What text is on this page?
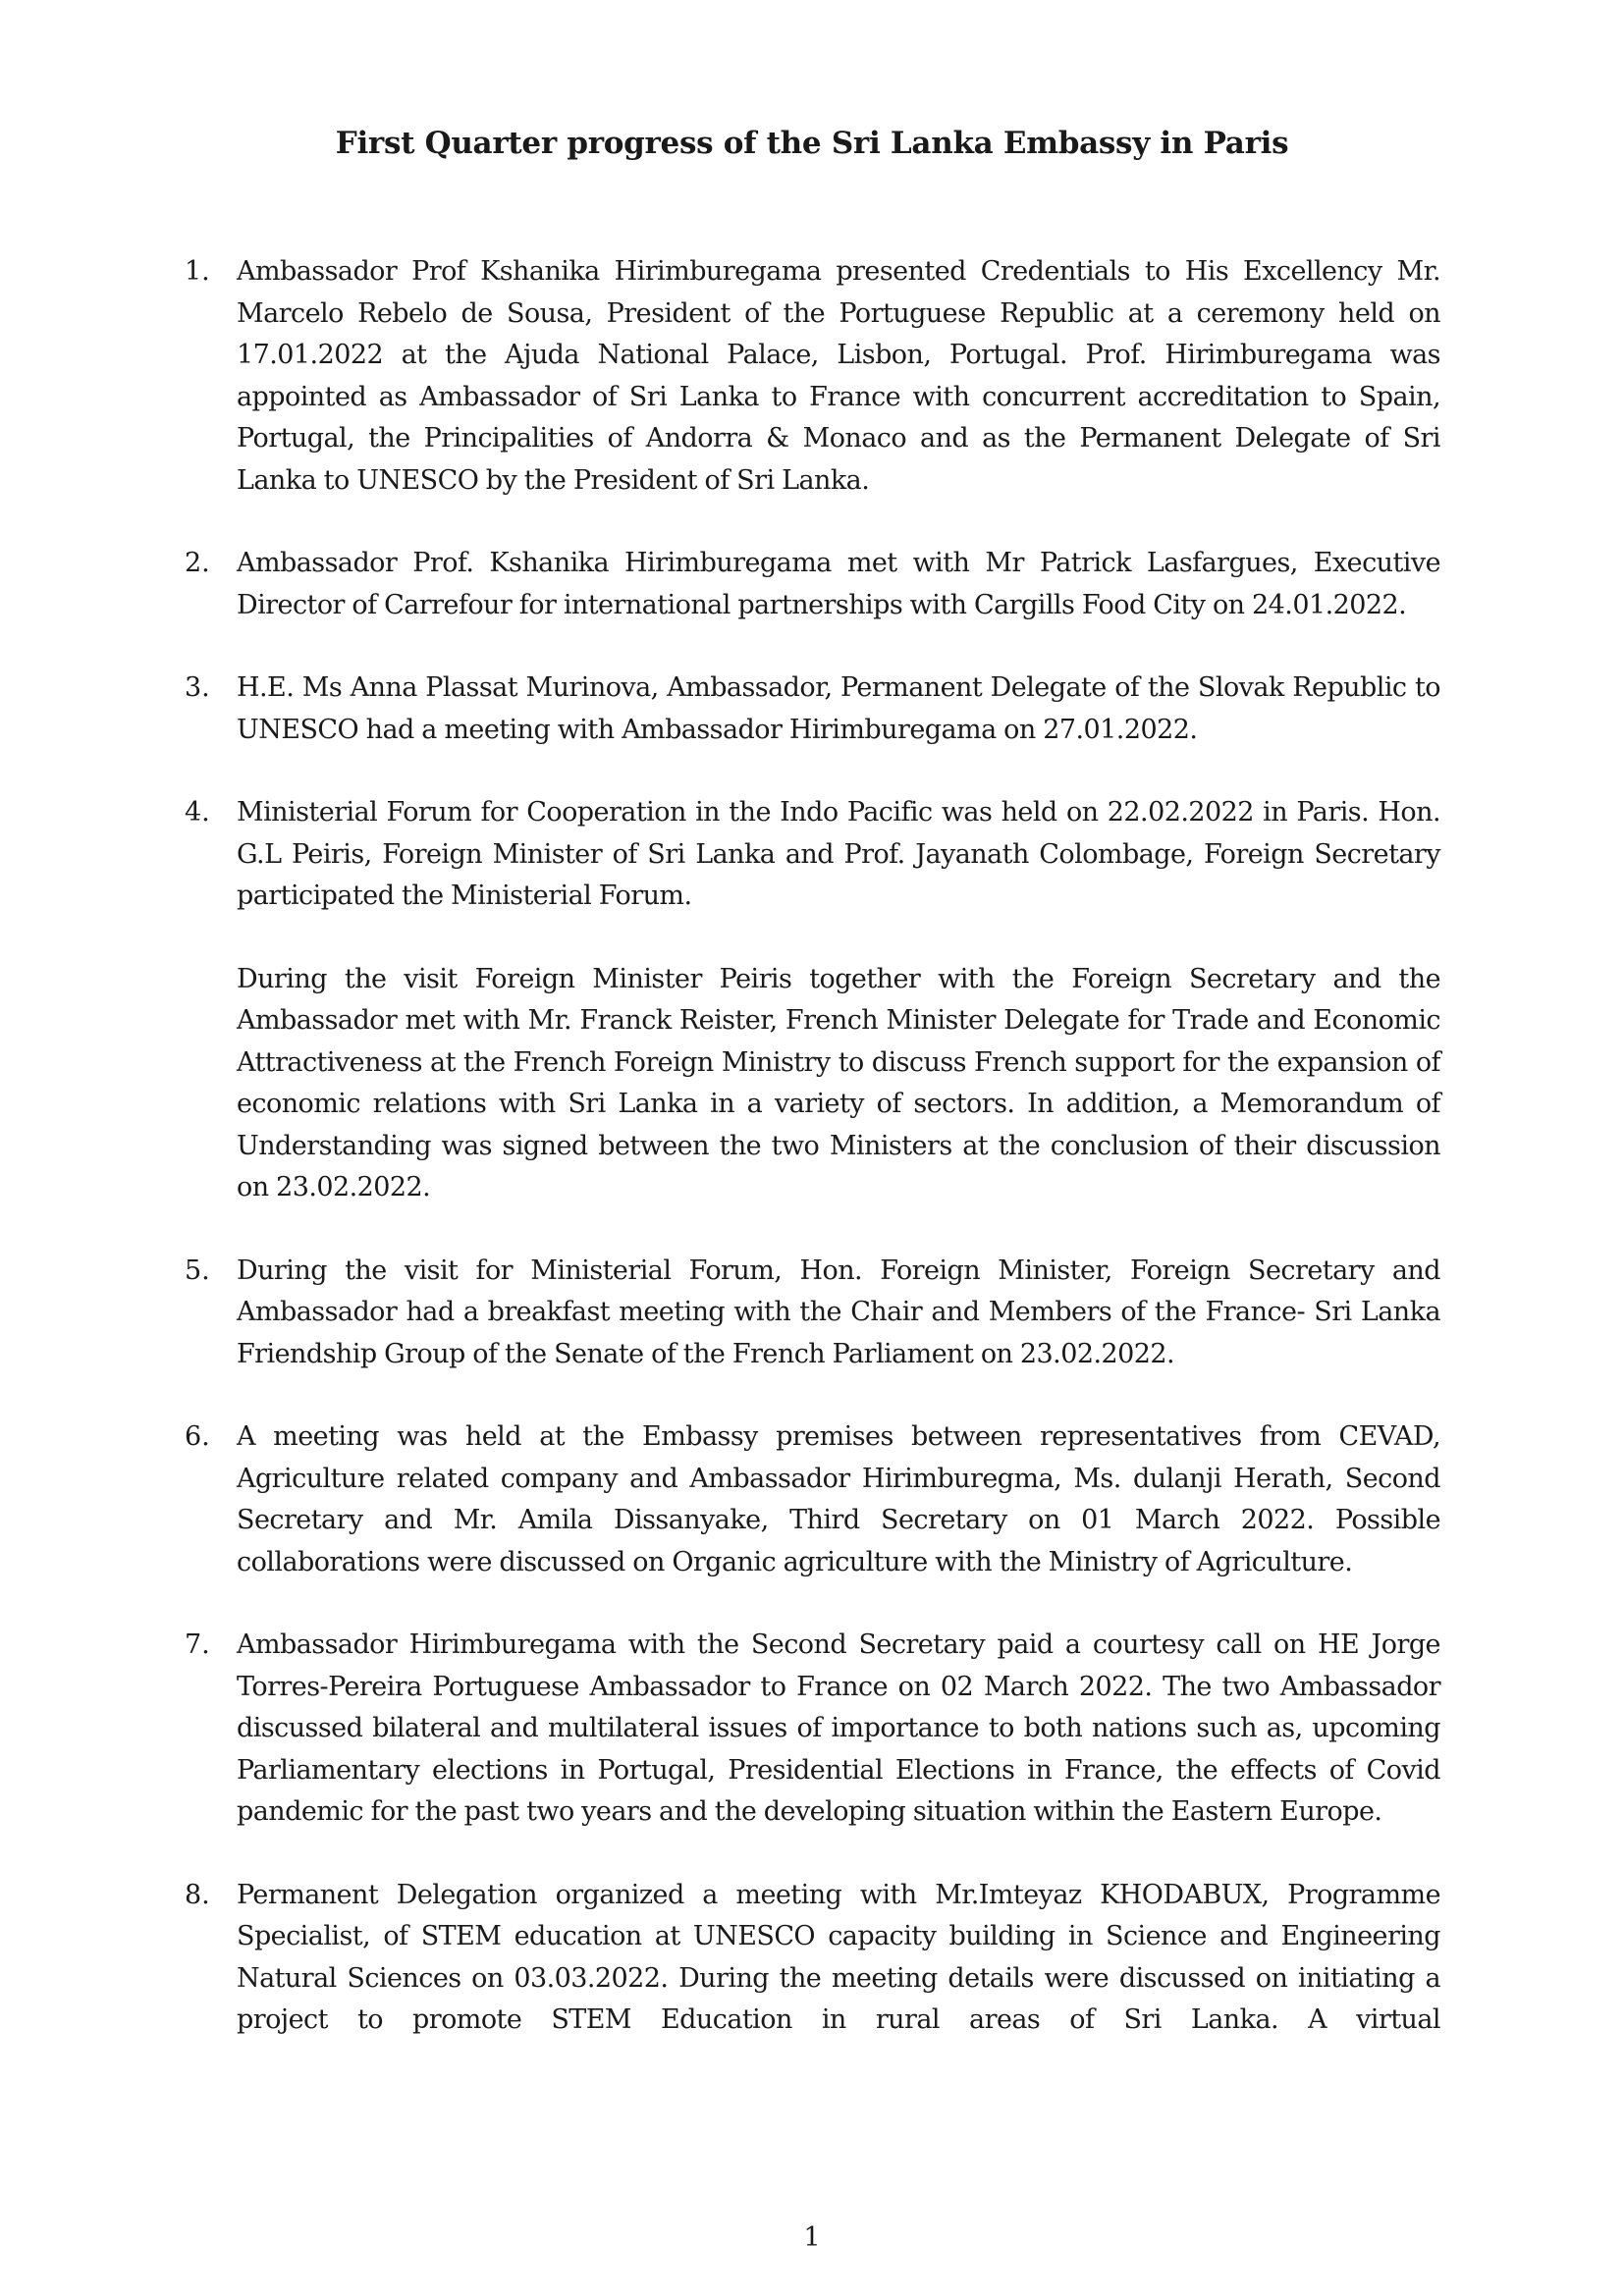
First Quarter progress of the Sri Lanka Embassy in Paris
1. Ambassador Prof Kshanika Hirimburegama presented Credentials to His Excellency Mr. Marcelo Rebelo de Sousa, President of the Portuguese Republic at a ceremony held on 17.01.2022 at the Ajuda National Palace, Lisbon, Portugal. Prof. Hirimburegama was appointed as Ambassador of Sri Lanka to France with concurrent accreditation to Spain, Portugal, the Principalities of Andorra & Monaco and as the Permanent Delegate of Sri Lanka to UNESCO by the President of Sri Lanka.

2. Ambassador Prof. Kshanika Hirimburegama met with Mr Patrick Lasfargues, Executive Director of Carrefour for international partnerships with Cargills Food City on 24.01.2022.

3. H.E. Ms Anna Plassat Murinova, Ambassador, Permanent Delegate of the Slovak Republic to UNESCO had a meeting with Ambassador Hirimburegama on 27.01.2022.

4. Ministerial Forum for Cooperation in the Indo Pacific was held on 22.02.2022 in Paris. Hon. G.L Peiris, Foreign Minister of Sri Lanka and Prof. Jayanath Colombage, Foreign Secretary participated the Ministerial Forum.

During the visit Foreign Minister Peiris together with the Foreign Secretary and the Ambassador met with Mr. Franck Reister, French Minister Delegate for Trade and Economic Attractiveness at the French Foreign Ministry to discuss French support for the expansion of economic relations with Sri Lanka in a variety of sectors. In addition, a Memorandum of Understanding was signed between the two Ministers at the conclusion of their discussion on 23.02.2022.

5. During the visit for Ministerial Forum, Hon. Foreign Minister, Foreign Secretary and Ambassador had a breakfast meeting with the Chair and Members of the France- Sri Lanka Friendship Group of the Senate of the French Parliament on 23.02.2022.

6. A meeting was held at the Embassy premises between representatives from CEVAD, Agriculture related company and Ambassador Hirimburegma, Ms. dulanji Herath, Second Secretary and Mr. Amila Dissanyake, Third Secretary on 01 March 2022. Possible collaborations were discussed on Organic agriculture with the Ministry of Agriculture.

7. Ambassador Hirimburegama with the Second Secretary paid a courtesy call on HE Jorge Torres-Pereira Portuguese Ambassador to France on 02 March 2022. The two Ambassador discussed bilateral and multilateral issues of importance to both nations such as, upcoming Parliamentary elections in Portugal, Presidential Elections in France, the effects of Covid pandemic for the past two years and the developing situation within the Eastern Europe.

8. Permanent Delegation organized a meeting with Mr.Imteyaz KHODABUX, Programme Specialist, of STEM education at UNESCO capacity building in Science and Engineering Natural Sciences on 03.03.2022. During the meeting details were discussed on initiating a project to promote STEM Education in rural areas of Sri Lanka. A virtual

1
